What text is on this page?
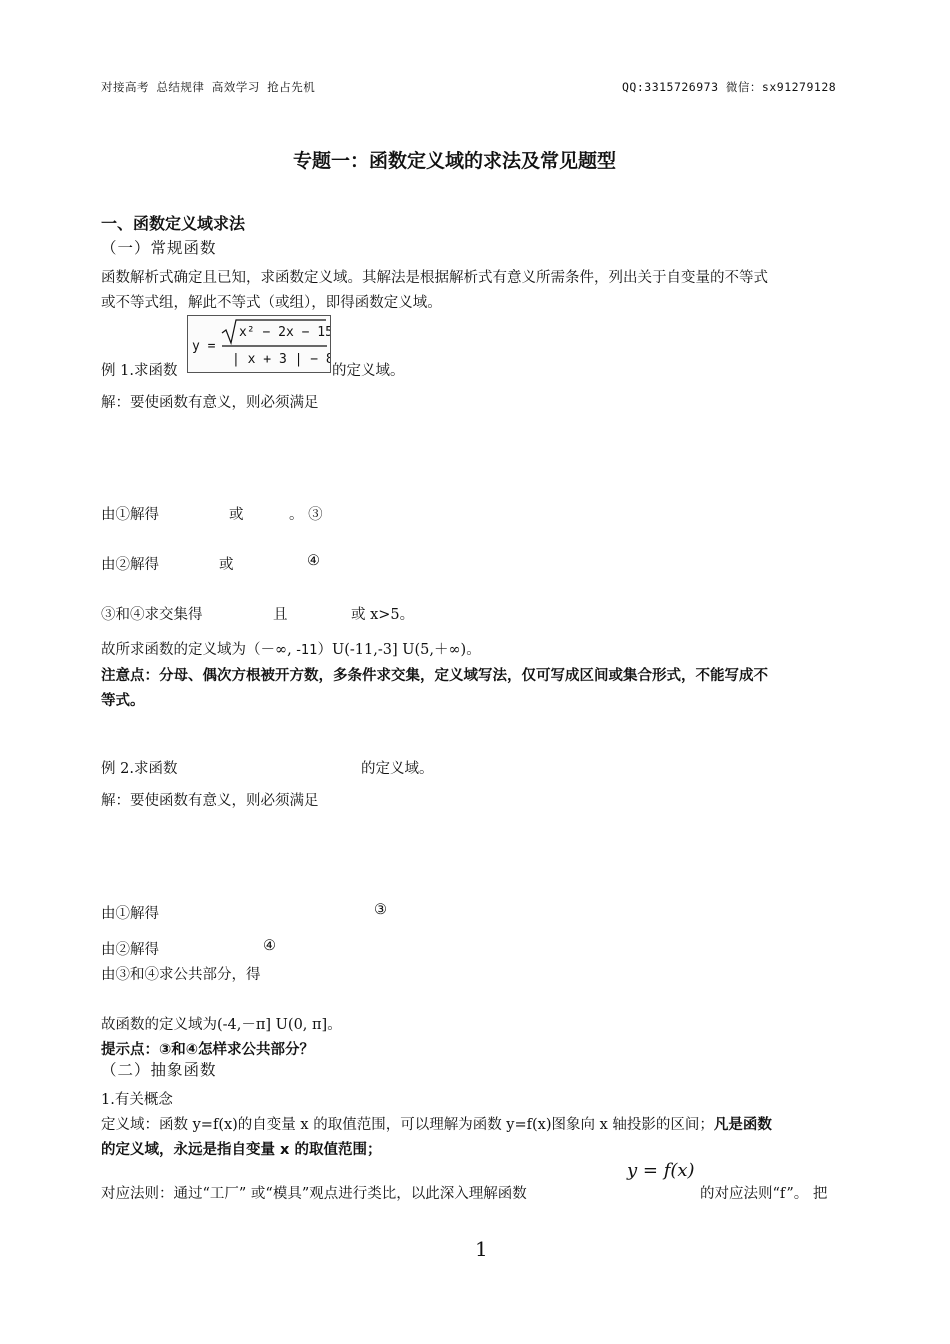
对接高考 总结规律 高效学习 抢占先机	QQ:3315726973 微信：sx91279128
专题一：函数定义域的求法及常见题型
一、函数定义域求法
（一）常规函数
函数解析式确定且已知，求函数定义域。其解法是根据解析式有意义所需条件，列出关于自变量的不等式
或不等式组，解此不等式（或组），即得函数定义域。
例 1.求函数
y =
x² − 2x − 15
| x + 3 | − 8
的定义域。
解：要使函数有意义，则必须满足
由①解得	或	。 ③
由②解得	或	④
③和④求交集得	且	或 x>5。
故所求函数的定义域为（－∞, -11）U(-11,-3] U(5,＋∞)。
注意点：分母、偶次方根被开方数，多条件求交集，定义域写法，仅可写成区间或集合形式，不能写成不
等式。
例 2.求函数	的定义域。
解：要使函数有意义，则必须满足
由①解得	③
由②解得	④
由③和④求公共部分，得
故函数的定义域为(-4,－π] U(0, π]。
提示点：③和④怎样求公共部分？
（二）抽象函数
1.有关概念
定义域：函数 y=f(x)的自变量 x 的取值范围，可以理解为函数 y=f(x)图象向 x 轴投影的区间；凡是函数
的定义域，永远是指自变量 x 的取值范围；
对应法则：通过“工厂” 或“模具”观点进行类比，以此深入理解函数
y = f(x)
的对应法则“f”。 把
1
